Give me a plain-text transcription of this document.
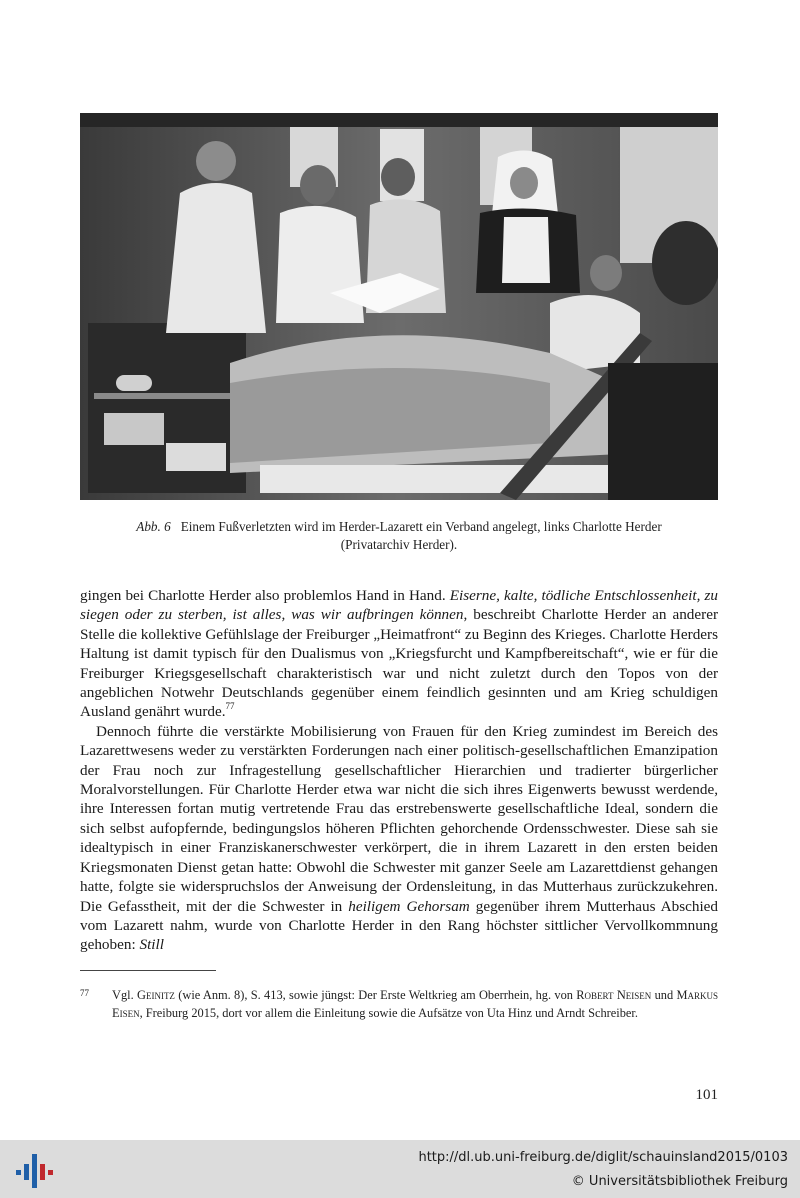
Abb. 6 Einem Fußverletzten wird im Herder-Lazarett ein Verband angelegt, links Charlotte Herder
(Privatarchiv Herder).

gingen bei Charlotte Herder also problemlos Hand in Hand. Eiserne, kalte, tödliche Entschlossenheit, zu siegen oder zu sterben, ist alles, was wir aufbringen können, beschreibt Charlotte Herder an anderer Stelle die kollektive Gefühlslage der Freiburger „Heimatfront“ zu Beginn des Krieges. Charlotte Herders Haltung ist damit typisch für den Dualismus von „Kriegsfurcht und Kampfbereitschaft“, wie er für die Freiburger Kriegsgesellschaft charakteristisch war und nicht zuletzt durch den Topos von der angeblichen Notwehr Deutschlands gegenüber einem feindlich gesinnten und am Krieg schuldigen Ausland genährt wurde.$^{77}$

Dennoch führte die verstärkte Mobilisierung von Frauen für den Krieg zumindest im Bereich des Lazarettwesens weder zu verstärkten Forderungen nach einer politisch-gesellschaftlichen Emanzipation der Frau noch zur Infragestellung gesellschaftlicher Hierarchien und tradierter bürgerlicher Moralvorstellungen. Für Charlotte Herder etwa war nicht die sich ihres Eigenwerts bewusst werdende, ihre Interessen fortan mutig vertretende Frau das erstrebenswerte gesellschaftliche Ideal, sondern die sich selbst aufopfernde, bedingungslos höheren Pflichten gehorchende Ordensschwester. Diese sah sie idealtypisch in einer Franziskanerschwester verkörpert, die in ihrem Lazarett in den ersten beiden Kriegsmonaten Dienst getan hatte: Obwohl die Schwester mit ganzer Seele am Lazarettdienst gehangen hatte, folgte sie widerspruchslos der Anweisung der Ordensleitung, in das Mutterhaus zurückzukehren. Die Gefasstheit, mit der die Schwester in heiligem Gehorsam gegenüber ihrem Mutterhaus Abschied vom Lazarett nahm, wurde von Charlotte Herder in den Rang höchster sittlicher Vervollkommnung gehoben: Still

77 Vgl. Geinitz (wie Anm. 8), S. 413, sowie jüngst: Der Erste Weltkrieg am Oberrhein, hg. von Robert Neisen und Markus Eisen, Freiburg 2015, dort vor allem die Einleitung sowie die Aufsätze von Uta Hinz und Arndt Schreiber.
101
http://dl.ub.uni-freiburg.de/diglit/schauinsland2015/0103
© Universitätsbibliothek Freiburg
